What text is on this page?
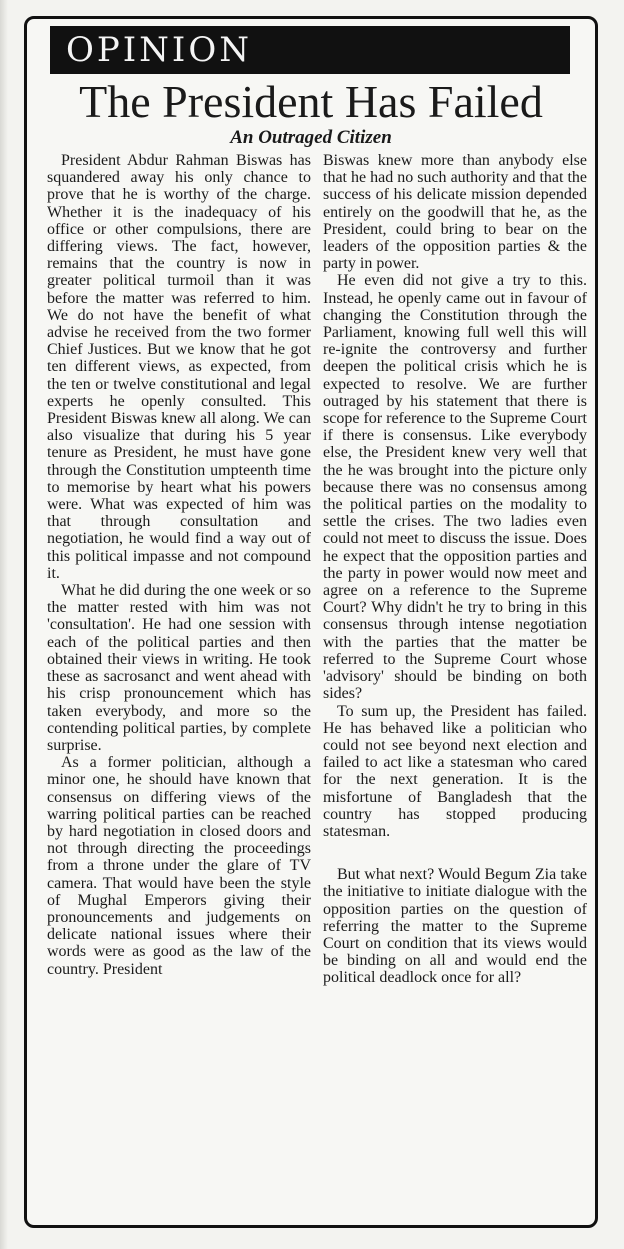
OPINION
The President Has Failed
An Outraged Citizen

President Abdur Rahman Biswas has squandered away his only chance to prove that he is worthy of the charge. Whether it is the inadequacy of his office or other compulsions, there are differing views. The fact, however, remains that the country is now in greater political turmoil than it was before the matter was referred to him. We do not have the benefit of what advise he received from the two former Chief Justices. But we know that he got ten different views, as expected, from the ten or twelve constitutional and legal experts he openly consulted. This President Biswas knew all along. We can also visualize that during his 5 year tenure as President, he must have gone through the Constitution umpteenth time to memorise by heart what his powers were. What was expected of him was that through consultation and negotiation, he would find a way out of this political impasse and not compound it.

What he did during the one week or so the matter rested with him was not 'consultation'. He had one session with each of the political parties and then obtained their views in writing. He took these as sacrosanct and went ahead with his crisp pronouncement which has taken everybody, and more so the contending political parties, by complete surprise.

As a former politician, although a minor one, he should have known that consensus on differing views of the warring political parties can be reached by hard negotiation in closed doors and not through directing the proceedings from a throne under the glare of TV camera. That would have been the style of Mughal Emperors giving their pronouncements and judgements on delicate national issues where their words were as good as the law of the country. President

Biswas knew more than anybody else that he had no such authority and that the success of his delicate mission depended entirely on the goodwill that he, as the President, could bring to bear on the leaders of the opposition parties & the party in power.

He even did not give a try to this. Instead, he openly came out in favour of changing the Constitution through the Parliament, knowing full well this will re-ignite the controversy and further deepen the political crisis which he is expected to resolve. We are further outraged by his statement that there is scope for reference to the Supreme Court if there is consensus. Like everybody else, the President knew very well that the he was brought into the picture only because there was no consensus among the political parties on the modality to settle the crises. The two ladies even could not meet to discuss the issue. Does he expect that the opposition parties and the party in power would now meet and agree on a reference to the Supreme Court? Why didn't he try to bring in this consensus through intense negotiation with the parties that the matter be referred to the Supreme Court whose 'advisory' should be binding on both sides?

To sum up, the President has failed. He has behaved like a politician who could not see beyond next election and failed to act like a statesman who cared for the next generation. It is the misfortune of Bangladesh that the country has stopped producing statesman.

But what next? Would Begum Zia take the initiative to initiate dialogue with the opposition parties on the question of referring the matter to the Supreme Court on condition that its views would be binding on all and would end the political deadlock once for all?
